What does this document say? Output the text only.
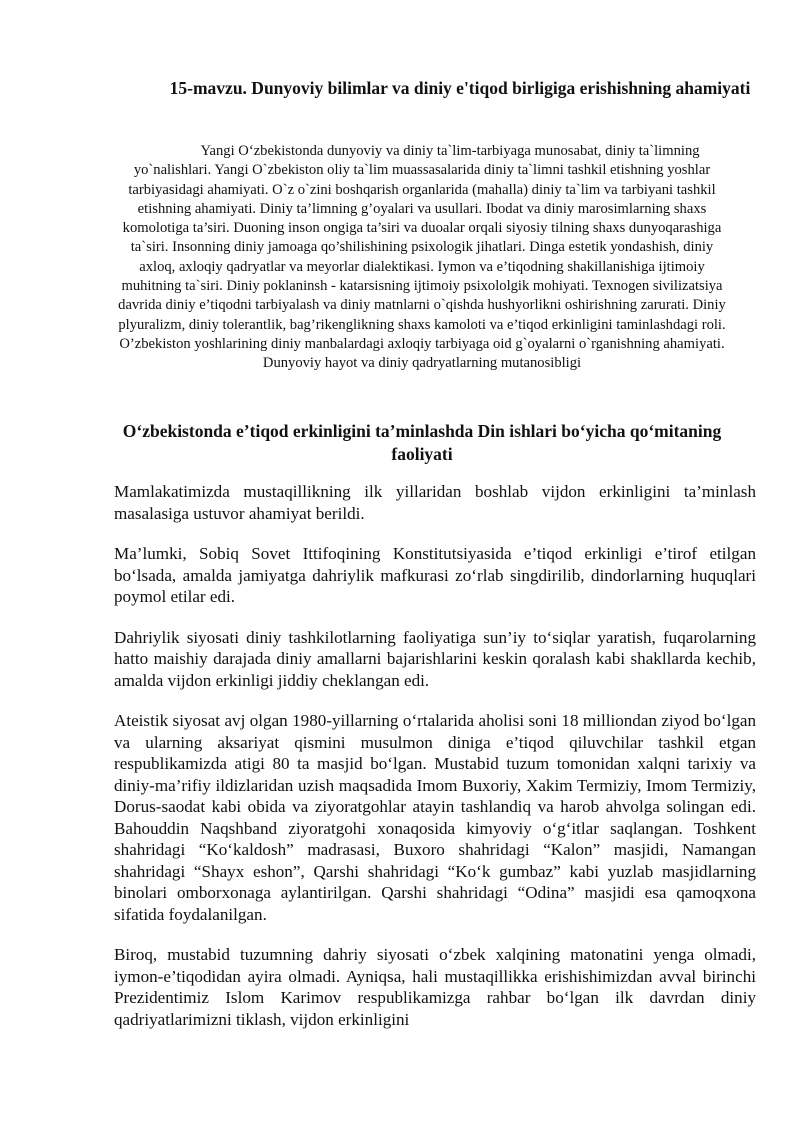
15-mavzu. Dunyoviy bilimlar va diniy e'tiqod birligiga erishishning ahamiyati

Yangi O‘zbekistonda dunyoviy va diniy ta`lim-tarbiyaga munosabat, diniy ta`limning yo`nalishlari. Yangi O`zbekiston oliy ta`lim muassasalarida diniy ta`limni tashkil etishning yoshlar tarbiyasidagi ahamiyati. O`z o`zini boshqarish organlarida (mahalla) diniy ta`lim va tarbiyani tashkil etishning ahamiyati. Diniy ta’limning g’oyalari va usullari. Ibodat va diniy marosimlarning shaxs komolotiga ta’siri. Duoning inson ongiga ta’siri va duoalar orqali siyosiy tilning shaxs dunyoqarashiga ta`siri. Insonning diniy jamoaga qo’shilishining psixologik jihatlari. Dinga estetik yondashish, diniy axloq, axloqiy qadryatlar va meyorlar dialektikasi. Iymon va e’tiqodning shakillanishiga ijtimoiy muhitning ta`siri. Diniy poklaninsh - katarsisning ijtimoiy psixololgik mohiyati. Texnogen sivilizatsiya davrida diniy e’tiqodni tarbiyalash va diniy matnlarni o`qishda hushyorlikni oshirishning zarurati. Diniy plyuralizm, diniy tolerantlik, bag’rikenglikning shaxs kamoloti va e’tiqod erkinligini taminlashdagi roli. O’zbekiston yoshlarining diniy manbalardagi axloqiy tarbiyaga oid g`oyalarni o`rganishning ahamiyati. Dunyoviy hayot va diniy qadryatlarning mutanosibligi

O‘zbekistonda e’tiqod erkinligini ta’minlashda Din ishlari bo‘yicha qo‘mitaning faoliyati

Mamlakatimizda mustaqillikning ilk yillaridan boshlab vijdon erkinligini ta’minlash masalasiga ustuvor ahamiyat berildi.

Ma’lumki, Sobiq Sovet Ittifoqining Konstitutsiyasida e’tiqod erkinligi e’tirof etilgan bo‘lsada, amalda jamiyatga dahriylik mafkurasi zo‘rlab singdirilib, dindorlarning huquqlari poymol etilar edi.

Dahriylik siyosati diniy tashkilotlarning faoliyatiga sun’iy to‘siqlar yaratish, fuqarolarning hatto maishiy darajada diniy amallarni bajarishlarini keskin qoralash kabi shakllarda kechib, amalda vijdon erkinligi jiddiy cheklangan edi.

Ateistik siyosat avj olgan 1980-yillarning o‘rtalarida aholisi soni 18 milliondan ziyod bo‘lgan va ularning aksariyat qismini musulmon diniga e’tiqod qiluvchilar tashkil etgan respublikamizda atigi 80 ta masjid bo‘lgan. Mustabid tuzum tomonidan xalqni tarixiy va diniy-ma’rifiy ildizlaridan uzish maqsadida Imom Buxoriy, Xakim Termiziy, Imom Termiziy, Dorus-saodat kabi obida va ziyoratgohlar atayin tashlandiq va harob ahvolga solingan edi. Bahouddin Naqshband ziyoratgohi xonaqosida kimyoviy o‘g‘itlar saqlangan. Toshkent shahridagi “Ko‘kaldosh” madrasasi, Buxoro shahridagi “Kalon” masjidi, Namangan shahridagi “Shayx eshon”, Qarshi shahridagi “Ko‘k gumbaz” kabi yuzlab masjidlarning binolari omborxonaga aylantirilgan. Qarshi shahridagi “Odina” masjidi esa qamoqxona sifatida foydalanilgan.

Biroq, mustabid tuzumning dahriy siyosati o‘zbek xalqining matonatini yenga olmadi, iymon-e’tiqodidan ayira olmadi. Ayniqsa, hali mustaqillikka erishishimizdan avval birinchi Prezidentimiz Islom Karimov respublikamizga rahbar bo‘lgan ilk davrdan diniy qadriyatlarimizni tiklash, vijdon erkinligini
